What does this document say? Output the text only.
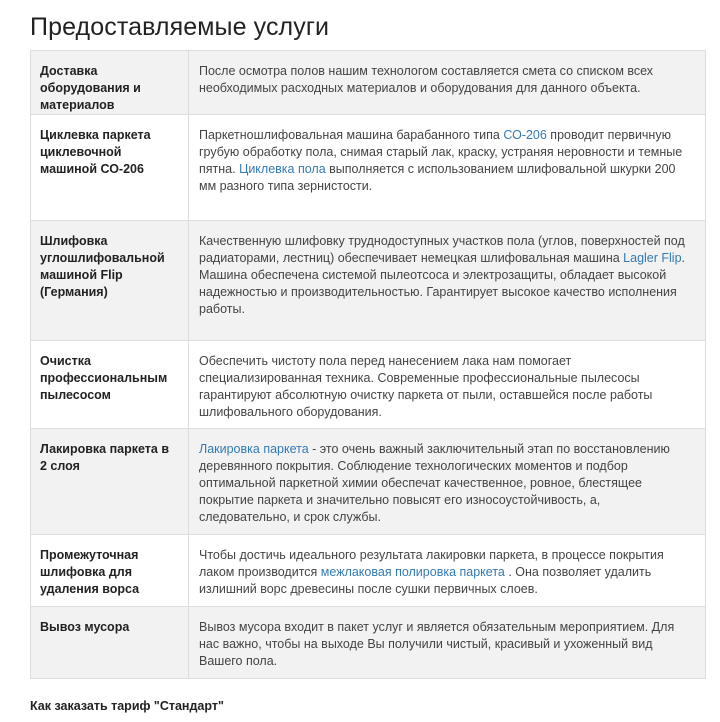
Предоставляемые услуги
Доставка оборудования и материалов	После осмотра полов нашим технологом составляется смета со списком всех необходимых расходных материалов и оборудования для данного объекта.
Циклевка паркета циклевочной машиной СО-206	Паркетношлифовальная машина барабанного типа СО-206 проводит первичную грубую обработку пола, снимая старый лак, краску, устраняя неровности и темные пятна. Циклевка пола выполняется с использованием шлифовальной шкурки 200 мм разного типа зернистости.
Шлифовка углошлифовальной машиной Flip (Германия)	Качественную шлифовку труднодоступных участков пола (углов, поверхностей под радиаторами, лестниц) обеспечивает немецкая шлифовальная машина Lagler Flip. Машина обеспечена системой пылеотсоса и электрозащиты, обладает высокой надежностью и производительностью. Гарантирует высокое качество исполнения работы.
Очистка профессиональным пылесосом	Обеспечить чистоту пола перед нанесением лака нам помогает специализированная техника. Современные профессиональные пылесосы гарантируют абсолютную очистку паркета от пыли, оставшейся после работы шлифовального оборудования.
Лакировка паркета в 2 слоя	Лакировка паркета - это очень важный заключительный этап по восстановлению деревянного покрытия. Соблюдение технологических моментов и подбор оптимальной паркетной химии обеспечат качественное, ровное, блестящее покрытие паркета и значительно повысят его износоустойчивость, а, следовательно, и срок службы.
Промежуточная шлифовка для удаления ворса	Чтобы достичь идеального результата лакировки паркета, в процессе покрытия лаком производится межлаковая полировка паркета . Она позволяет удалить излишний ворс древесины после сушки первичных слоев.
Вывоз мусора	Вывоз мусора входит в пакет услуг и является обязательным мероприятием. Для нас важно, чтобы на выходе Вы получили чистый, красивый и ухоженный вид Вашего пола.
Как заказать тариф "Стандарт"
